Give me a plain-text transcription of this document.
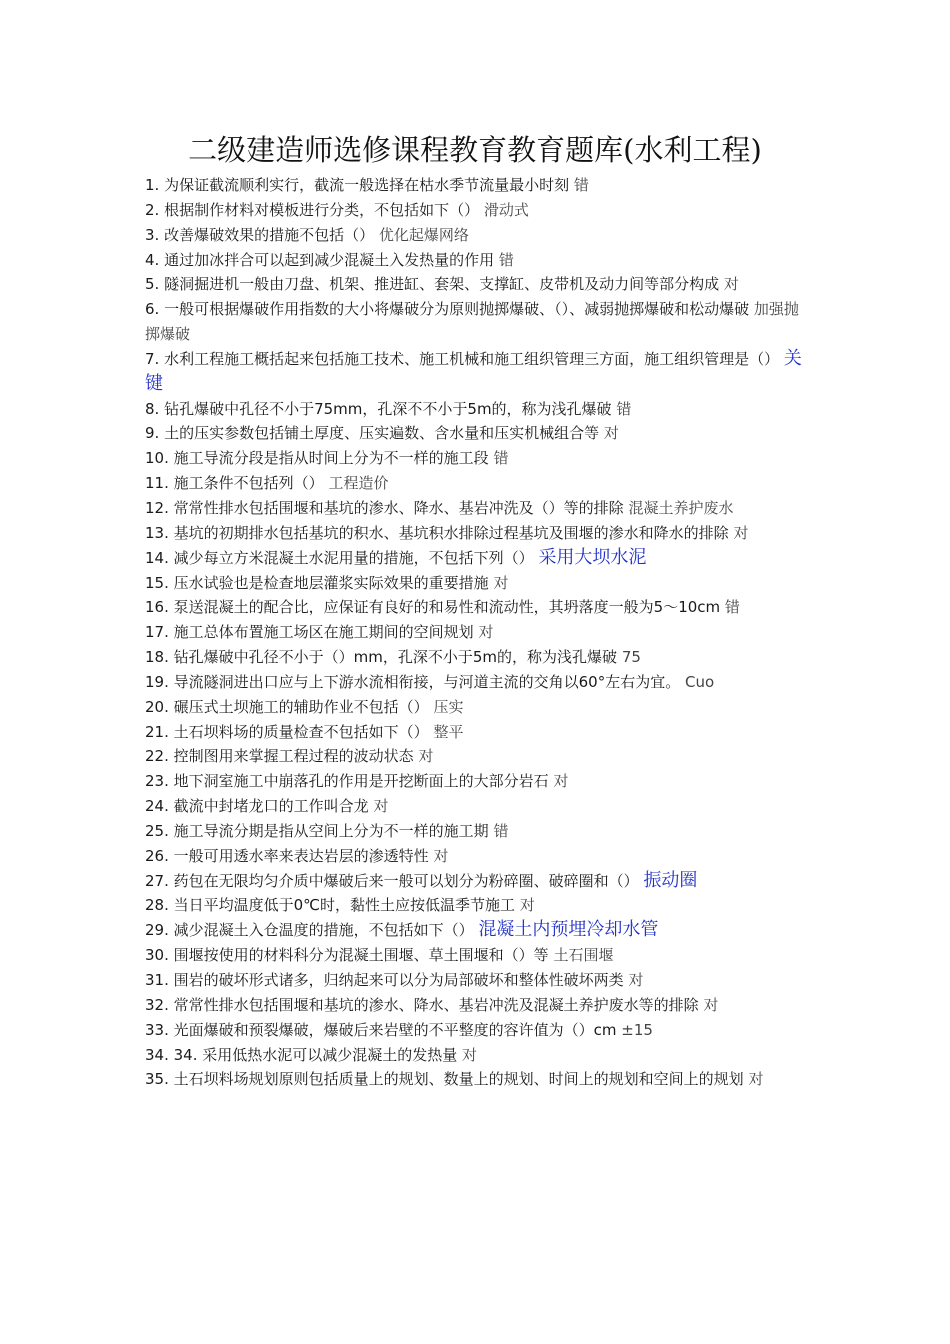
二级建造师选修课程教育教育题库(水利工程)

1. 为保证截流顺利实行，截流一般选择在枯水季节流量最小时刻 错

2. 根据制作材料对模板进行分类，不包括如下（） 滑动式

3. 改善爆破效果的措施不包括（） 优化起爆网络

4. 通过加冰拌合可以起到减少混凝土入发热量的作用 错

5. 隧洞掘进机一般由刀盘、机架、推进缸、套架、支撑缸、皮带机及动力间等部分构成 对

6. 一般可根据爆破作用指数的大小将爆破分为原则抛掷爆破、（）、减弱抛掷爆破和松动爆破 加强抛掷爆破

7. 水利工程施工概括起来包括施工技术、施工机械和施工组织管理三方面，施工组织管理是（） 关键

8. 钻孔爆破中孔径不小于75mm，孔深不不小于5m的，称为浅孔爆破 错

9. 土的压实参数包括铺土厚度、压实遍数、含水量和压实机械组合等 对

10. 施工导流分段是指从时间上分为不一样的施工段 错

11. 施工条件不包括列（） 工程造价

12. 常常性排水包括围堰和基坑的渗水、降水、基岩冲洗及（）等的排除 混凝土养护废水

13. 基坑的初期排水包括基坑的积水、基坑积水排除过程基坑及围堰的渗水和降水的排除 对

14. 减少每立方米混凝土水泥用量的措施，不包括下列（） 采用大坝水泥

15. 压水试验也是检查地层灌浆实际效果的重要措施 对

16. 泵送混凝土的配合比，应保证有良好的和易性和流动性，其坍落度一般为5～10cm 错

17. 施工总体布置施工场区在施工期间的空间规划 对

18. 钻孔爆破中孔径不小于（）mm，孔深不小于5m的，称为浅孔爆破 75

19. 导流隧洞进出口应与上下游水流相衔接，与河道主流的交角以60°左右为宜。 Cuo

20. 碾压式土坝施工的辅助作业不包括（） 压实

21. 土石坝料场的质量检查不包括如下（） 整平

22. 控制图用来掌握工程过程的波动状态 对

23. 地下洞室施工中崩落孔的作用是开挖断面上的大部分岩石 对

24. 截流中封堵龙口的工作叫合龙 对

25. 施工导流分期是指从空间上分为不一样的施工期 错

26. 一般可用透水率来表达岩层的渗透特性 对

27. 药包在无限均匀介质中爆破后来一般可以划分为粉碎圈、破碎圈和（） 振动圈

28. 当日平均温度低于0℃时，黏性土应按低温季节施工 对

29. 减少混凝土入仓温度的措施，不包括如下（） 混凝土内预埋冷却水管

30. 围堰按使用的材料科分为混凝土围堰、草土围堰和（）等 土石围堰

31. 围岩的破坏形式诸多，归纳起来可以分为局部破坏和整体性破坏两类 对

32. 常常性排水包括围堰和基坑的渗水、降水、基岩冲洗及混凝土养护废水等的排除 对

33. 光面爆破和预裂爆破，爆破后来岩壁的不平整度的容许值为（）cm ±15

34. 34. 采用低热水泥可以减少混凝土的发热量 对

35. 土石坝料场规划原则包括质量上的规划、数量上的规划、时间上的规划和空间上的规划 对
